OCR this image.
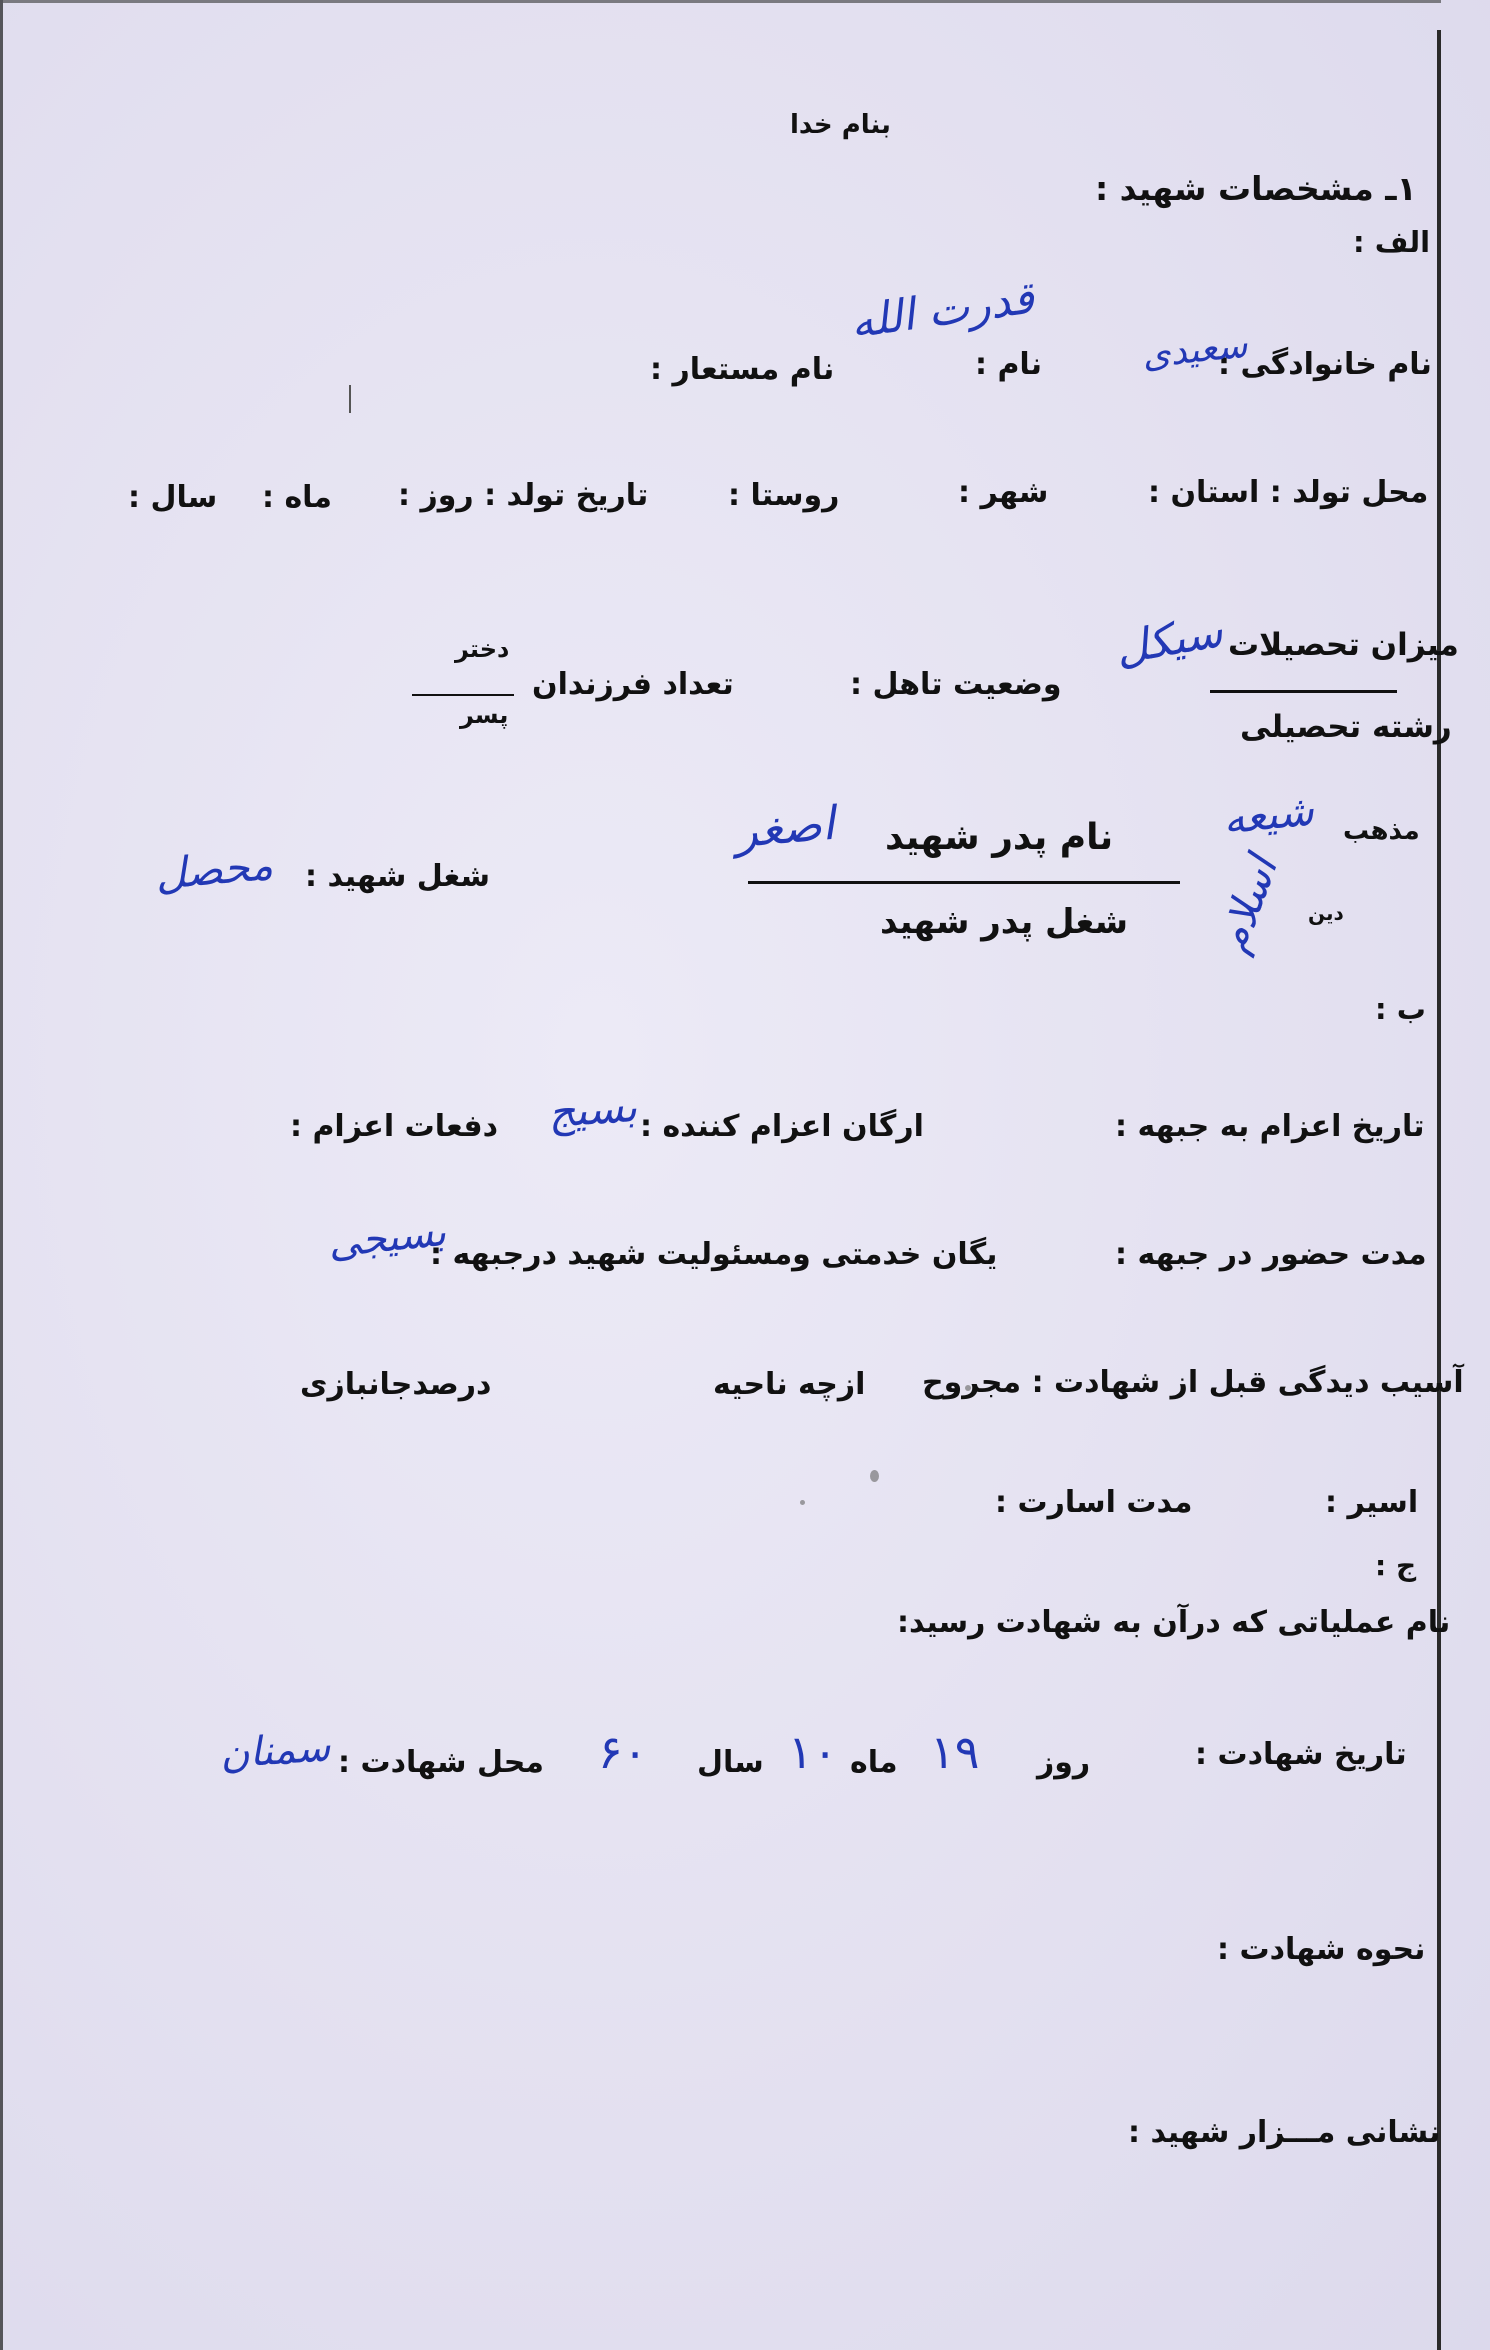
بنام خدا
۱ـ مشخصات شهید :
الف :
نام خانوادگی :
سعیدی
نام :
قدرت الله
نام مستعار :
محل تولد : استان :
شهر :
روستا :
تاریخ تولد : روز :
ماه :
سال :
میزان تحصیلات
سیکل
رشته تحصیلی
وضعیت تاهل :
تعداد فرزندان
دختر
پسر
مذهب
شیعه
دین
اسلام
نام پدر شهید
اصغر
شغل پدر شهید
شغل شهید :
محصل
ب :
تاریخ اعزام به جبهه :
ارگان اعزام کننده :
بسیج
دفعات اعزام :
مدت حضور در جبهه :
یگان خدمتی ومسئولیت شهید درجبهه :
بسیجی
آسیب دیدگی قبل از شهادت : مجروح
ازچه ناحیه
درصدجانبازی
اسیر :
مدت اسارت :
ج :
نام عملیاتی که درآن به شهادت رسید:
تاریخ شهادت :
روز
۱۹
ماه
۱۰
سال
۶۰
محل شهادت :
سمنان
نحوه شهادت :
نشانی مـــزار شهید :
